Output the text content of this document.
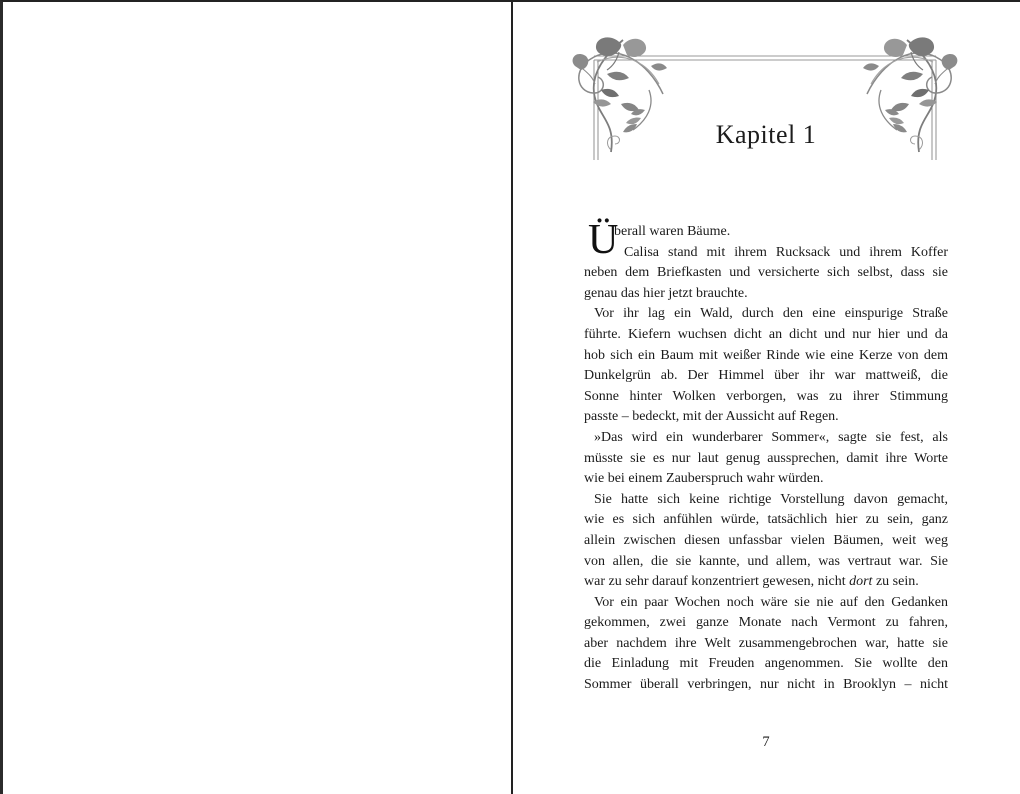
Kapitel 1
Ü
berall waren Bäume.
Calisa stand mit ihrem Rucksack und ihrem Koffer
neben dem Briefkasten und versicherte sich selbst, dass sie
genau das hier jetzt brauchte.
Vor ihr lag ein Wald, durch den eine einspurige Straße
führte. Kiefern wuchsen dicht an dicht und nur hier und da
hob sich ein Baum mit weißer Rinde wie eine Kerze von dem
Dunkelgrün ab. Der Himmel über ihr war mattweiß, die
Sonne hinter Wolken verborgen, was zu ihrer Stimmung
passte – bedeckt, mit der Aussicht auf Regen.
»Das wird ein wunderbarer Sommer«, sagte sie fest, als
müsste sie es nur laut genug aussprechen, damit ihre Worte
wie bei einem Zauberspruch wahr würden.
Sie hatte sich keine richtige Vorstellung davon gemacht,
wie es sich anfühlen würde, tatsächlich hier zu sein, ganz
allein zwischen diesen unfassbar vielen Bäumen, weit weg
von allen, die sie kannte, und allem, was vertraut war. Sie
war zu sehr darauf konzentriert gewesen, nicht dort zu sein.
Vor ein paar Wochen noch wäre sie nie auf den Gedanken
gekommen, zwei ganze Monate nach Vermont zu fahren,
aber nachdem ihre Welt zusammengebrochen war, hatte sie
die Einladung mit Freuden angenommen. Sie wollte den
Sommer überall verbringen, nur nicht in Brooklyn – nicht
7
